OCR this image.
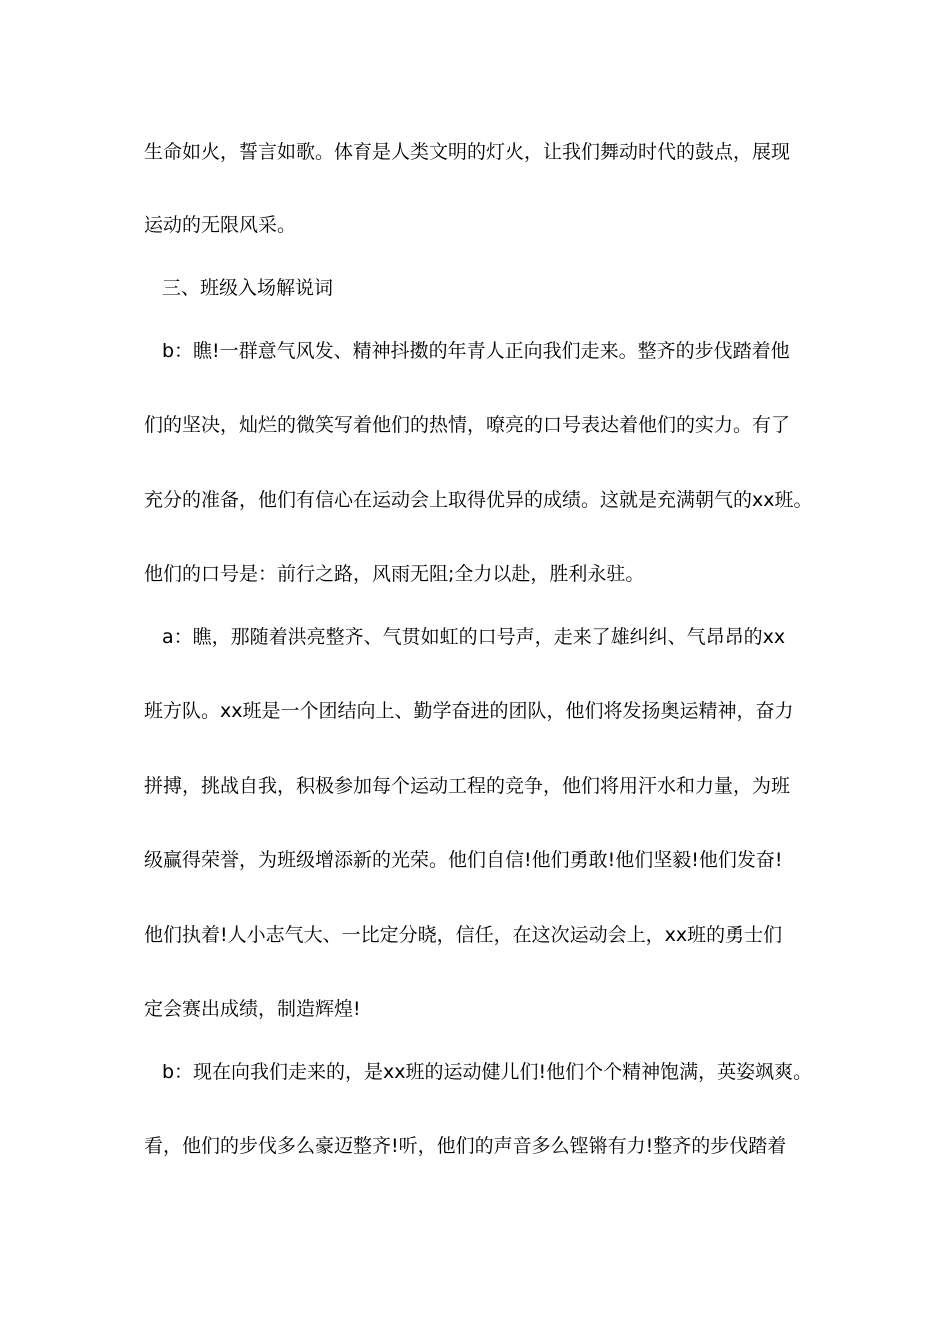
生命如火，誓言如歌。体育是人类文明的灯火，让我们舞动时代的鼓点，展现
运动的无限风采。
三、班级入场解说词
b：瞧!一群意气风发、精神抖擞的年青人正向我们走来。整齐的步伐踏着他
们的坚决，灿烂的微笑写着他们的热情，嘹亮的口号表达着他们的实力。有了
充分的准备，他们有信心在运动会上取得优异的成绩。这就是充满朝气的xx班。
他们的口号是：前行之路，风雨无阻;全力以赴，胜利永驻。
a：瞧，那随着洪亮整齐、气贯如虹的口号声，走来了雄纠纠、气昂昂的xx
班方队。xx班是一个团结向上、勤学奋进的团队，他们将发扬奥运精神，奋力
拼搏，挑战自我，积极参加每个运动工程的竞争，他们将用汗水和力量，为班
级赢得荣誉，为班级增添新的光荣。他们自信!他们勇敢!他们坚毅!他们发奋!
他们执着!人小志气大、一比定分晓，信任，在这次运动会上，xx班的勇士们
定会赛出成绩，制造辉煌!
b：现在向我们走来的，是xx班的运动健儿们!他们个个精神饱满，英姿飒爽。
看，他们的步伐多么豪迈整齐!听，他们的声音多么铿锵有力!整齐的步伐踏着
